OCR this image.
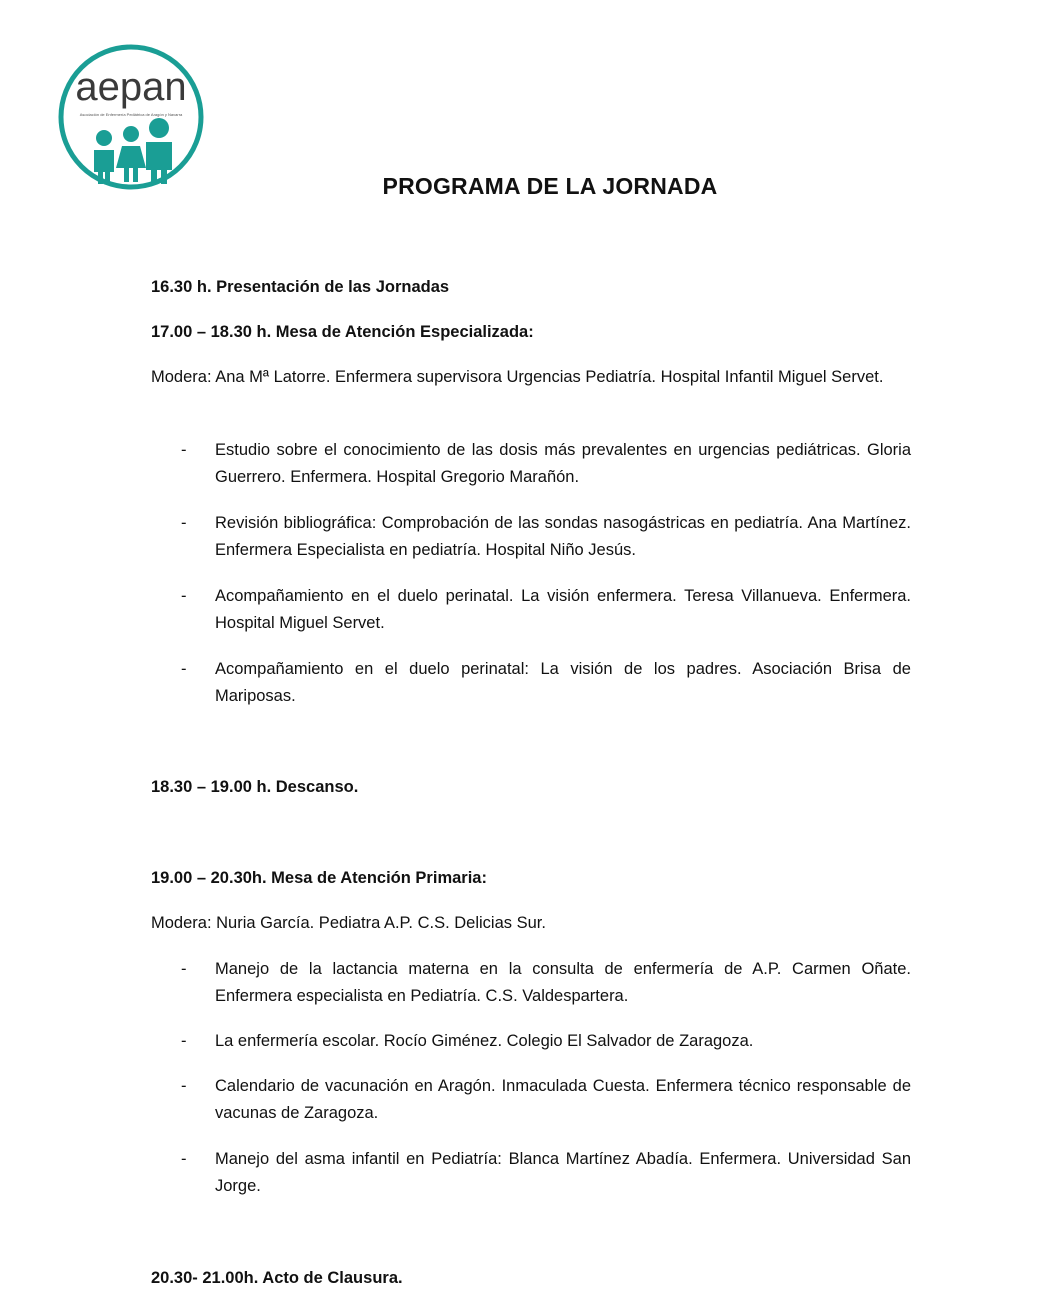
aepan
Asociación de Enfermería Pediátrica de Aragón y Navarra
PROGRAMA DE LA JORNADA
16.30 h. Presentación de las Jornadas
17.00 – 18.30 h. Mesa de Atención Especializada:
Modera: Ana Mª Latorre. Enfermera supervisora Urgencias Pediatría. Hospital Infantil Miguel Servet.
- Estudio sobre el conocimiento de las dosis más prevalentes en urgencias pediátricas. Gloria Guerrero. Enfermera. Hospital Gregorio Marañón.
- Revisión bibliográfica: Comprobación de las sondas nasogástricas en pediatría. Ana Martínez. Enfermera Especialista en pediatría. Hospital Niño Jesús.
- Acompañamiento en el duelo perinatal. La visión enfermera. Teresa Villanueva. Enfermera. Hospital Miguel Servet.
- Acompañamiento en el duelo perinatal: La visión de los padres. Asociación Brisa de Mariposas.
18.30 – 19.00 h. Descanso.
19.00 – 20.30h. Mesa de Atención Primaria:
Modera: Nuria García. Pediatra A.P. C.S. Delicias Sur.
- Manejo de la lactancia materna en la consulta de enfermería de A.P. Carmen Oñate. Enfermera especialista en Pediatría. C.S. Valdespartera.
- La enfermería escolar. Rocío Giménez. Colegio El Salvador de Zaragoza.
- Calendario de vacunación en Aragón. Inmaculada Cuesta. Enfermera técnico responsable de vacunas de Zaragoza.
- Manejo del asma infantil en Pediatría: Blanca Martínez Abadía. Enfermera. Universidad San Jorge.
20.30- 21.00h. Acto de Clausura.
